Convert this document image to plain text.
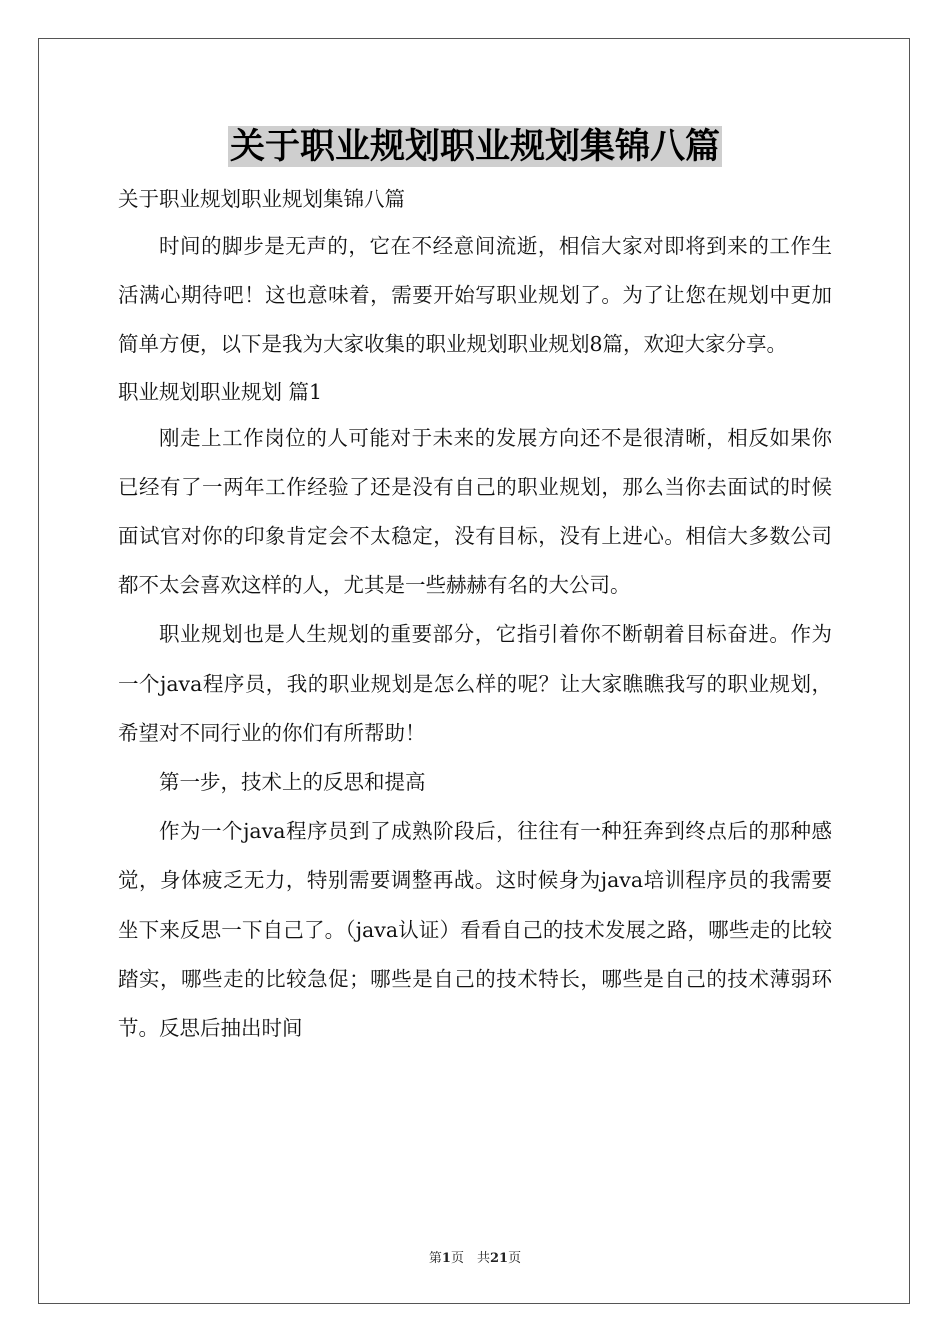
关于职业规划职业规划集锦八篇

关于职业规划职业规划集锦八篇

时间的脚步是无声的，它在不经意间流逝，相信大家对即将到来的工作生活满心期待吧！这也意味着，需要开始写职业规划了。为了让您在规划中更加简单方便，以下是我为大家收集的职业规划职业规划8篇，欢迎大家分享。

职业规划职业规划 篇1

刚走上工作岗位的人可能对于未来的发展方向还不是很清晰，相反如果你已经有了一两年工作经验了还是没有自己的职业规划，那么当你去面试的时候面试官对你的印象肯定会不太稳定，没有目标，没有上进心。相信大多数公司都不太会喜欢这样的人，尤其是一些赫赫有名的大公司。

职业规划也是人生规划的重要部分，它指引着你不断朝着目标奋进。作为一个java程序员，我的职业规划是怎么样的呢？让大家瞧瞧我写的职业规划，希望对不同行业的你们有所帮助！

第一步，技术上的反思和提高

作为一个java程序员到了成熟阶段后，往往有一种狂奔到终点后的那种感觉，身体疲乏无力，特别需要调整再战。这时候身为java培训程序员的我需要坐下来反思一下自己了。（java认证）看看自己的技术发展之路，哪些走的比较踏实，哪些走的比较急促；哪些是自己的技术特长，哪些是自己的技术薄弱环节。反思后抽出时间

第1页　共21页
